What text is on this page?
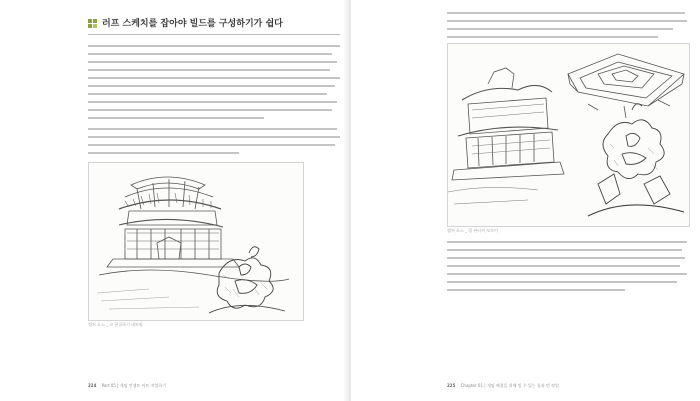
러프 스케치를 잡아야 빌드를 구성하기가 쉽다
캡쳐 포스 _ 코 편집하기 네트워
224 Part 05 | 게임 컨셉트 아트 작업하기
캡처 포스 _ 빌 판타지 모르어
225 Chapter 01 | 게임 배경을 위해 빌 수 있는 툴과 빈 작업
